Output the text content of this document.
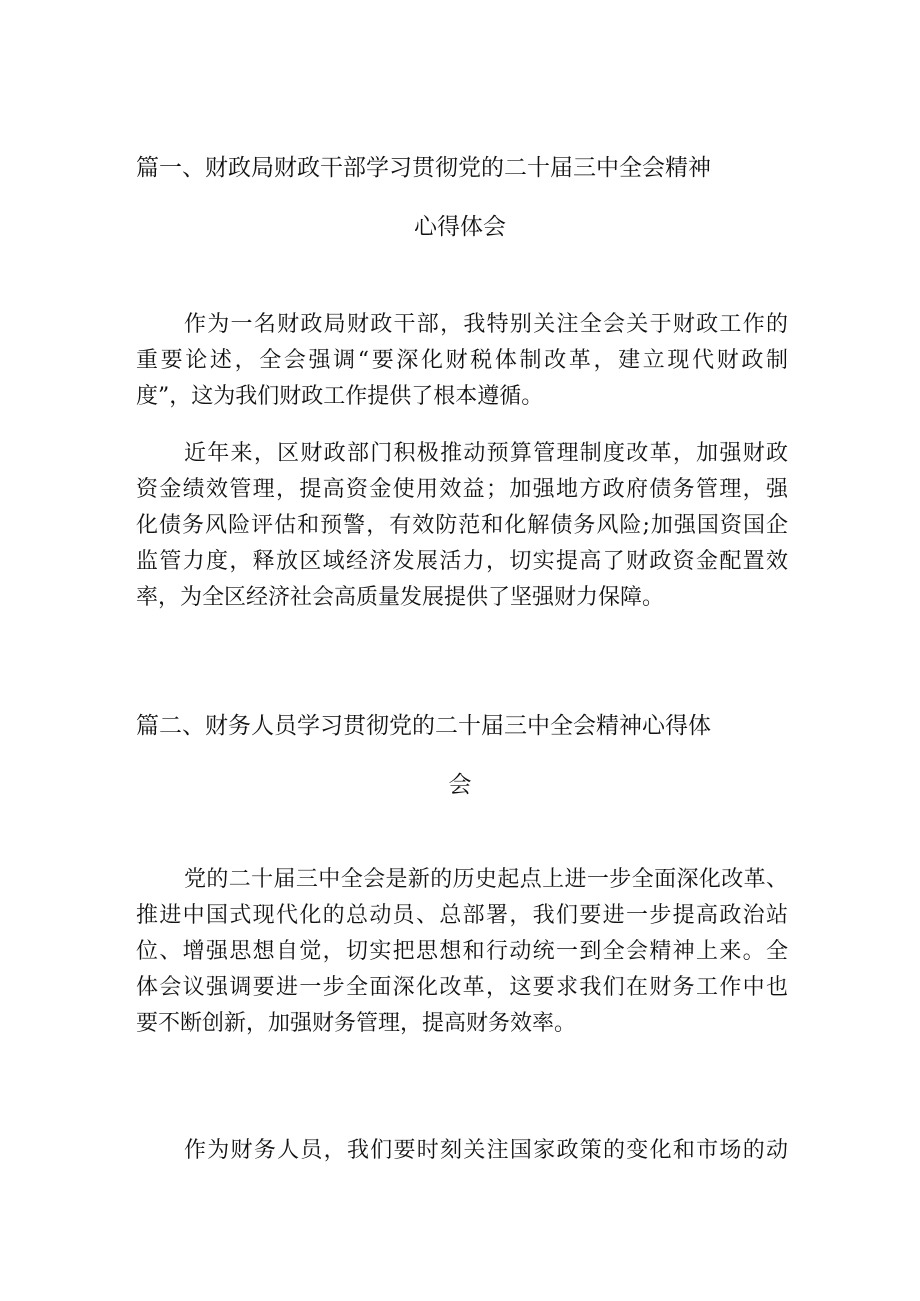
篇一、财政局财政干部学习贯彻党的二十届三中全会精神
心得体会
作为一名财政局财政干部，我特别关注全会关于财政工作的
重要论述，全会强调“要深化财税体制改革，建立现代财政制
度”，这为我们财政工作提供了根本遵循。
近年来，区财政部门积极推动预算管理制度改革，加强财政
资金绩效管理，提高资金使用效益；加强地方政府债务管理，强
化债务风险评估和预警，有效防范和化解债务风险;加强国资国企
监管力度，释放区域经济发展活力，切实提高了财政资金配置效
率，为全区经济社会高质量发展提供了坚强财力保障。
篇二、财务人员学习贯彻党的二十届三中全会精神心得体
会
党的二十届三中全会是新的历史起点上进一步全面深化改革、
推进中国式现代化的总动员、总部署，我们要进一步提高政治站
位、增强思想自觉，切实把思想和行动统一到全会精神上来。全
体会议强调要进一步全面深化改革，这要求我们在财务工作中也
要不断创新，加强财务管理，提高财务效率。
作为财务人员，我们要时刻关注国家政策的变化和市场的动
